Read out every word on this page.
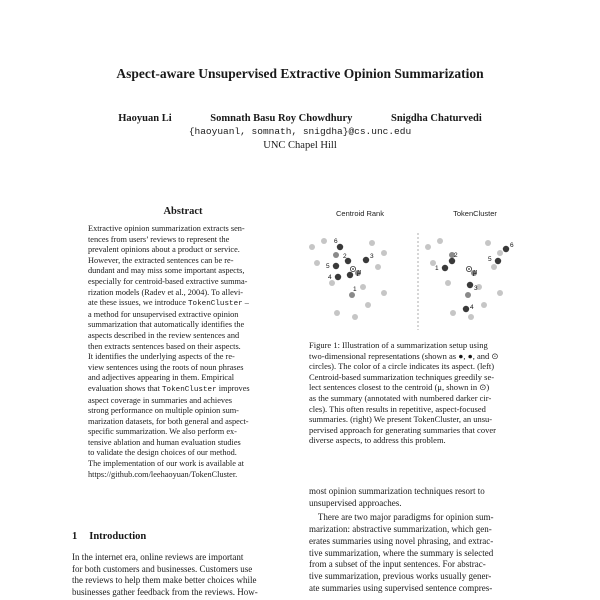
Aspect-aware Unsupervised Extractive Opinion Summarization
Haoyuan Li	Somnath Basu Roy Chowdhury	Snigdha Chaturvedi
{haoyuanl, somnath, snigdha}@cs.unc.edu
UNC Chapel Hill
Abstract
Extractive opinion summarization extracts sen-
tences from users’ reviews to represent the
prevalent opinions about a product or service.
However, the extracted sentences can be re-
dundant and may miss some important aspects,
especially for centroid-based extractive summa-
rization models (Radev et al., 2004). To allevi-
ate these issues, we introduce TokenCluster –
a method for unsupervised extractive opinion
summarization that automatically identifies the
aspects described in the review sentences and
then extracts sentences based on their aspects.
It identifies the underlying aspects of the re-
view sentences using the roots of noun phrases
and adjectives appearing in them. Empirical
evaluation shows that TokenCluster improves
aspect coverage in summaries and achieves
strong performance on multiple opinion sum-
marization datasets, for both general and aspect-
specific summarization. We also perform ex-
tensive ablation and human evaluation studies
to validate the design choices of our method.
The implementation of our work is available at
https://github.com/leehaoyuan/TokenCluster.
1 Introduction
In the internet era, online reviews are important
for both customers and businesses. Customers use
the reviews to help them make better choices while
businesses gather feedback from the reviews. How-
Centroid Rank	TokenCluster
6
2	3
5
4
1
μ
6
2
1
5
3
4
μ
Figure 1: Illustration of a summarization setup using
two-dimensional representations (shown as ●, ●, and ⊙
circles). The color of a circle indicates its aspect. (left)
Centroid-based summarization techniques greedily se-
lect sentences closest to the centroid (μ, shown in ⊙)
as the summary (annotated with numbered darker cir-
cles). This often results in repetitive, aspect-focused
summaries. (right) We present TokenCluster, an unsu-
pervised approach for generating summaries that cover
diverse aspects, to address this problem.
most opinion summarization techniques resort to
unsupervised approaches.
There are two major paradigms for opinion sum-
marization: abstractive summarization, which gen-
erates summaries using novel phrasing, and extrac-
tive summarization, where the summary is selected
from a subset of the input sentences. For abstrac-
tive summarization, previous works usually gener-
ate summaries using supervised sentence compres-
